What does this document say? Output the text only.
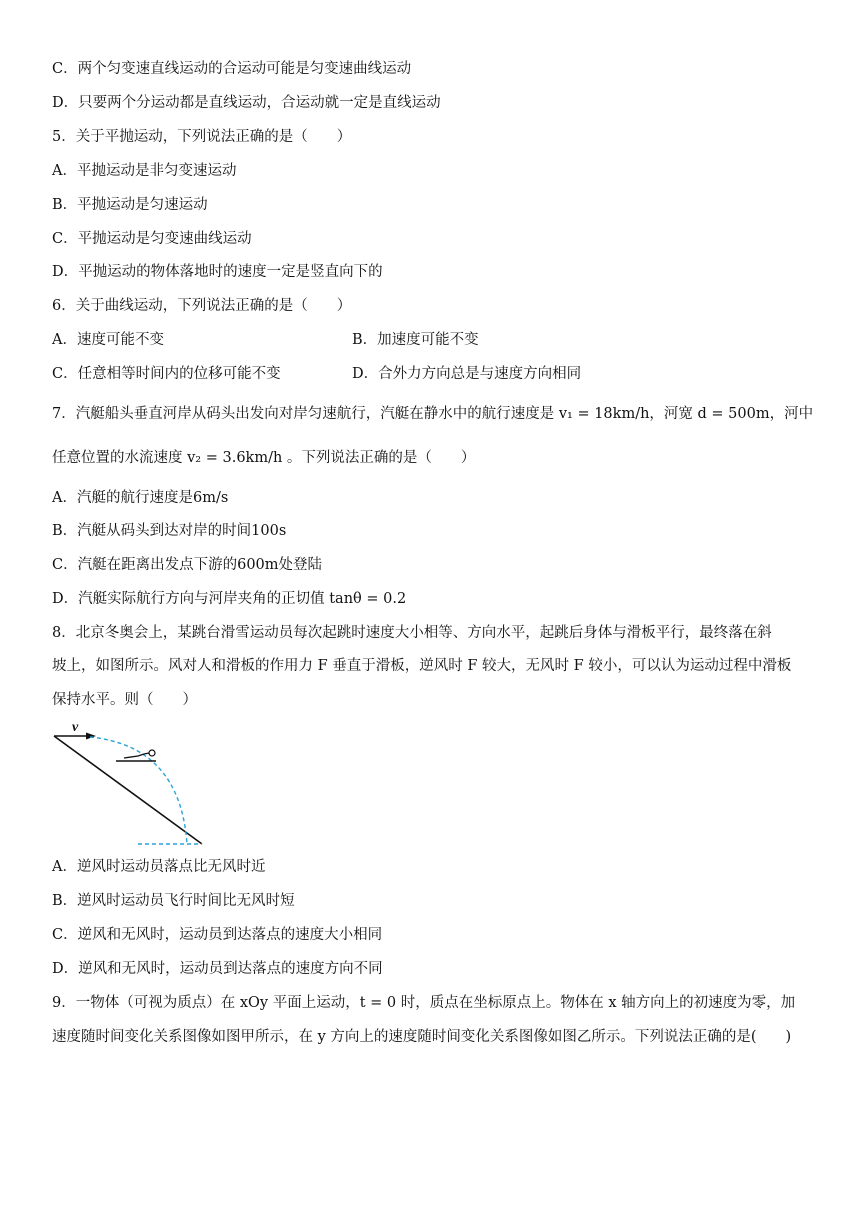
C．两个匀变速直线运动的合运动可能是匀变速曲线运动
D．只要两个分运动都是直线运动，合运动就一定是直线运动
5．关于平抛运动，下列说法正确的是（　　）
A．平抛运动是非匀变速运动
B．平抛运动是匀速运动
C．平抛运动是匀变速曲线运动
D．平抛运动的物体落地时的速度一定是竖直向下的
6．关于曲线运动，下列说法正确的是（　　）
A．速度可能不变	B．加速度可能不变
C．任意相等时间内的位移可能不变	D．合外力方向总是与速度方向相同
7．汽艇船头垂直河岸从码头出发向对岸匀速航行，汽艇在静水中的航行速度是 v₁ = 18km/h，河宽 d = 500m，河中
任意位置的水流速度 v₂ = 3.6km/h 。下列说法正确的是（　　）
A．汽艇的航行速度是6m/s
B．汽艇从码头到达对岸的时间100s
C．汽艇在距离出发点下游的600m处登陆
D．汽艇实际航行方向与河岸夹角的正切值 tanθ = 0.2
8．北京冬奥会上，某跳台滑雪运动员每次起跳时速度大小相等、方向水平，起跳后身体与滑板平行，最终落在斜
坡上，如图所示。风对人和滑板的作用力 F 垂直于滑板，逆风时 F 较大，无风时 F 较小，可以认为运动过程中滑板
保持水平。则（　　）
v
A．逆风时运动员落点比无风时近
B．逆风时运动员飞行时间比无风时短
C．逆风和无风时，运动员到达落点的速度大小相同
D．逆风和无风时，运动员到达落点的速度方向不同
9．一物体（可视为质点）在 xOy 平面上运动，t = 0 时，质点在坐标原点上。物体在 x 轴方向上的初速度为零，加
速度随时间变化关系图像如图甲所示，在 y 方向上的速度随时间变化关系图像如图乙所示。下列说法正确的是(　　)
